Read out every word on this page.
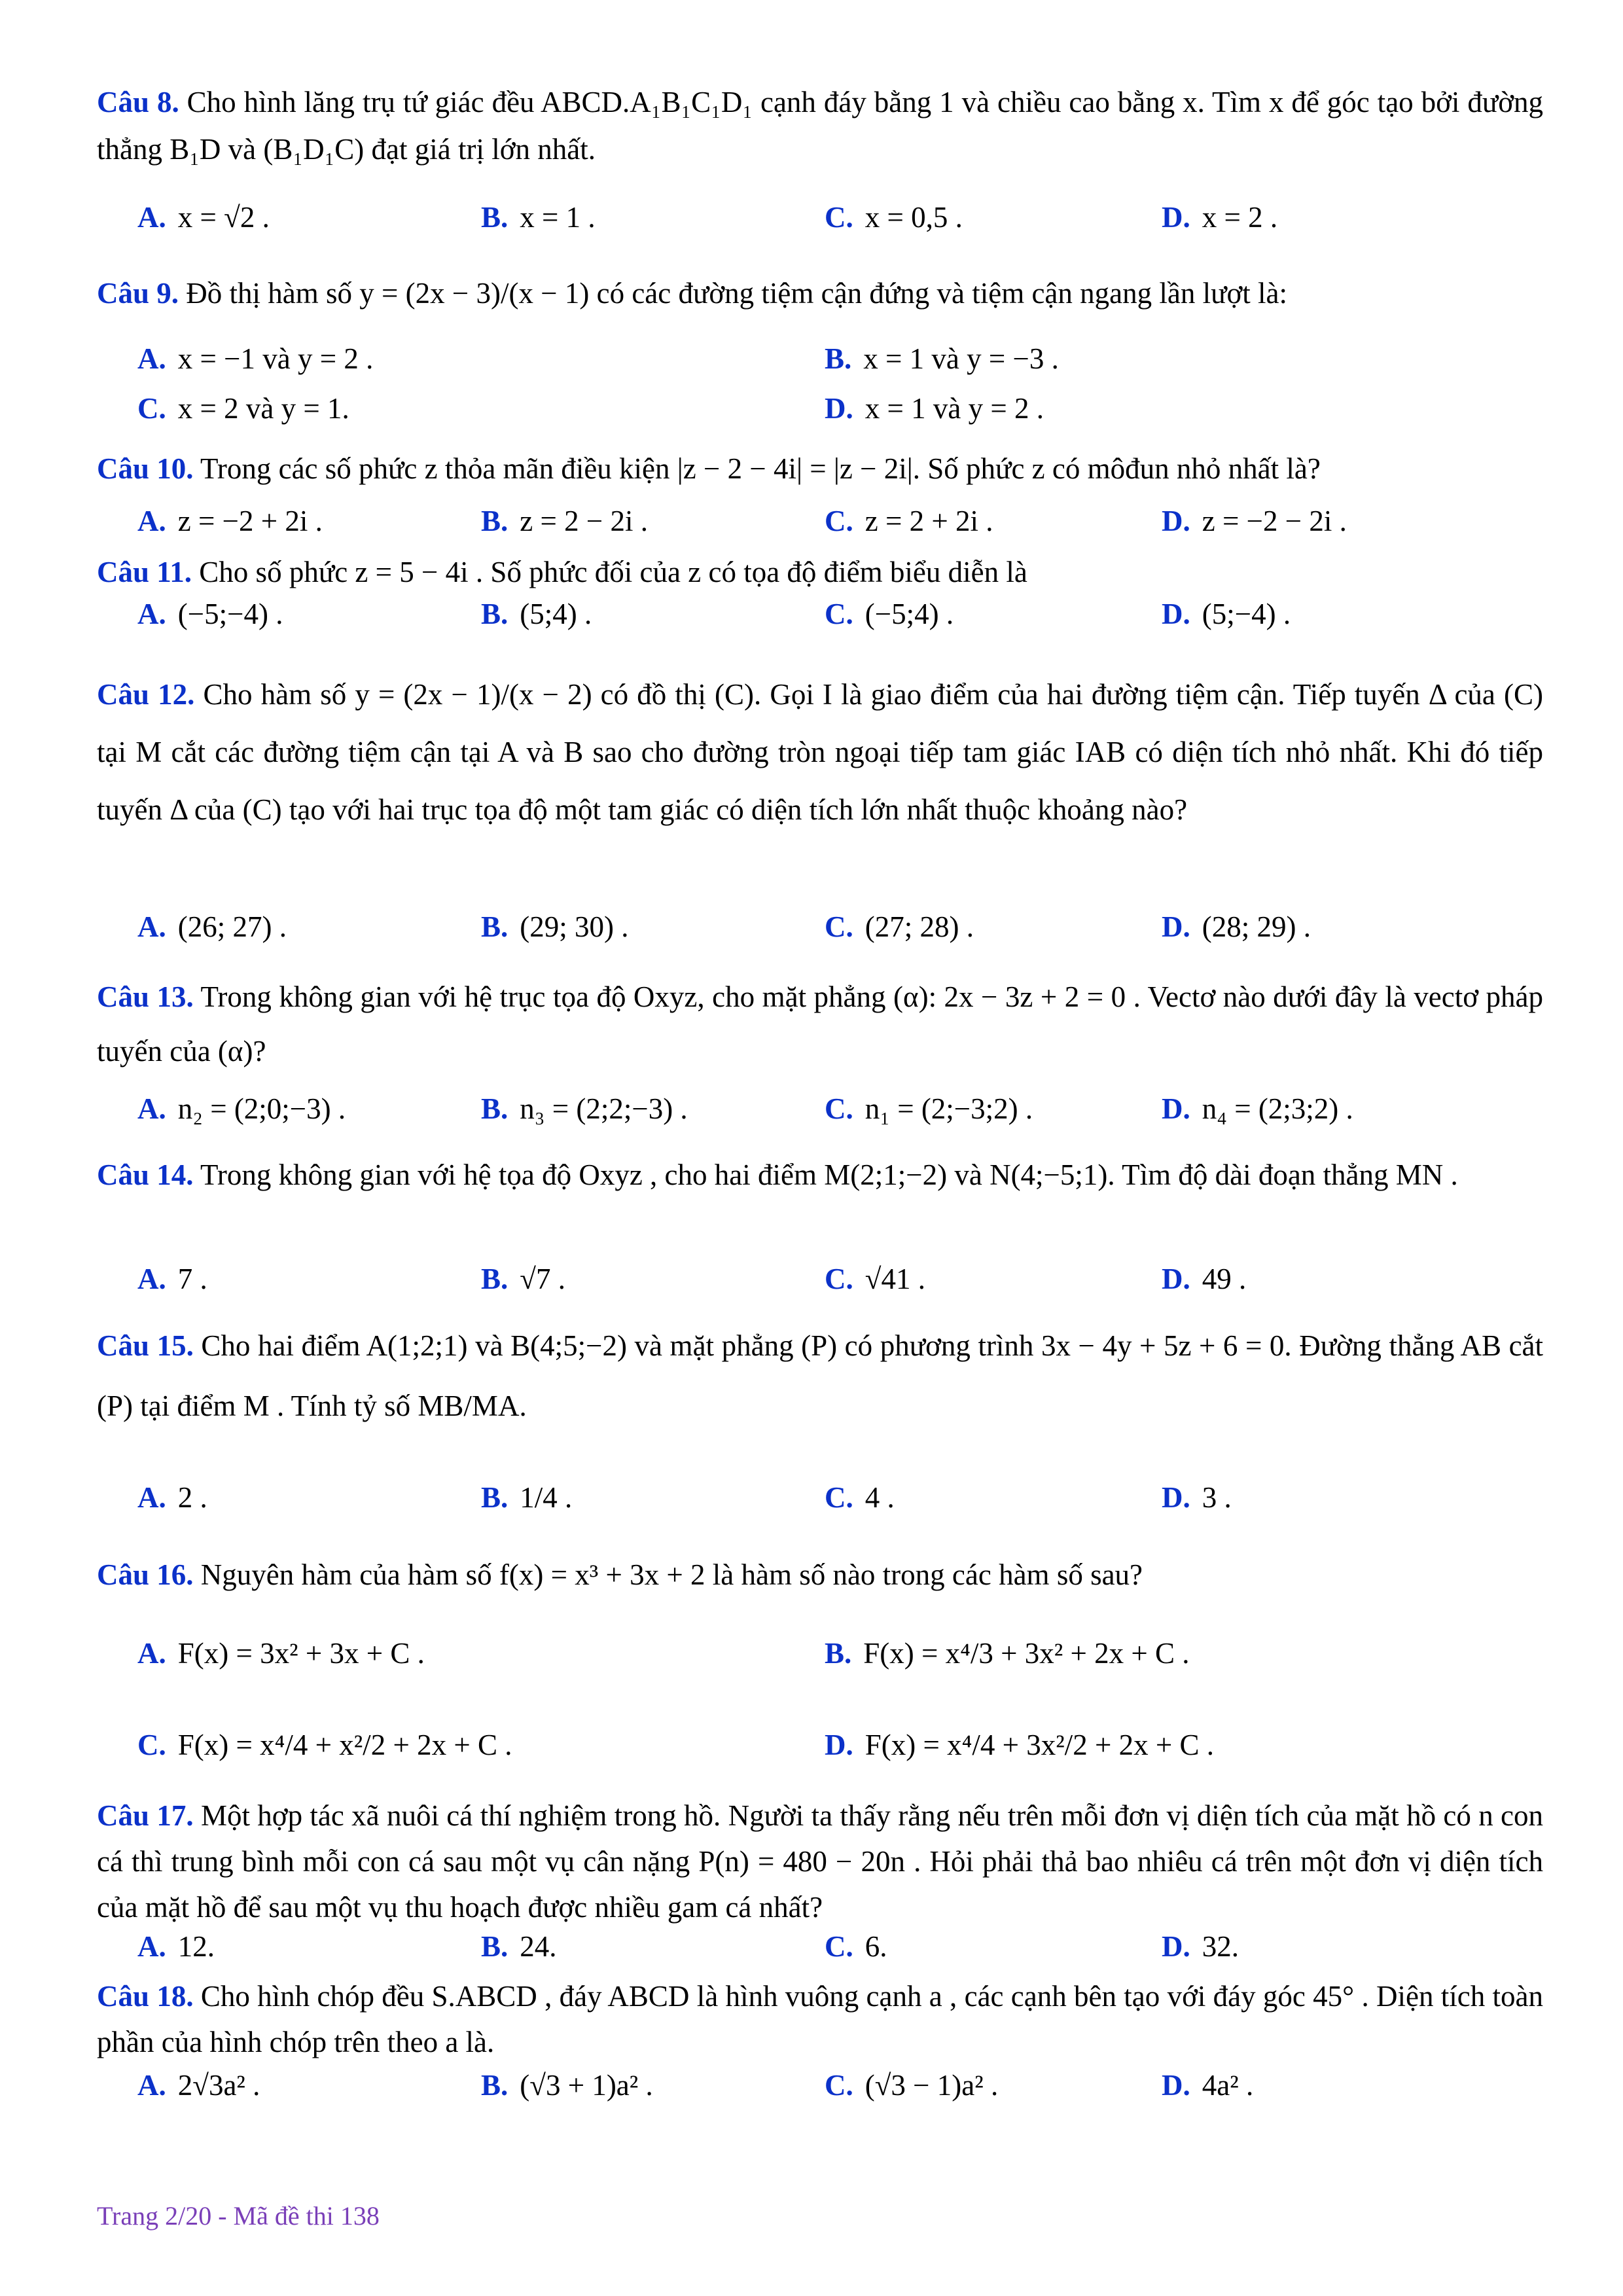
Câu 8. Cho hình lăng trụ tứ giác đều ABCD.A₁B₁C₁D₁ cạnh đáy bằng 1 và chiều cao bằng x. Tìm x để góc tạo bởi đường thẳng B₁D và (B₁D₁C) đạt giá trị lớn nhất.
A. x = √2 .	B. x = 1 .	C. x = 0,5 .	D. x = 2 .
Câu 9. Đồ thị hàm số y = (2x − 3)/(x − 1) có các đường tiệm cận đứng và tiệm cận ngang lần lượt là:
A. x = −1 và y = 2 .	B. x = 1 và y = −3 .
C. x = 2 và y = 1.	D. x = 1 và y = 2 .
Câu 10. Trong các số phức z thỏa mãn điều kiện |z − 2 − 4i| = |z − 2i|. Số phức z có môđun nhỏ nhất là?
A. z = −2 + 2i .	B. z = 2 − 2i .	C. z = 2 + 2i .	D. z = −2 − 2i .
Câu 11. Cho số phức z = 5 − 4i . Số phức đối của z có tọa độ điểm biểu diễn là
A. (−5;−4) .	B. (5;4) .	C. (−5;4) .	D. (5;−4) .
Câu 12. Cho hàm số y = (2x − 1)/(x − 2) có đồ thị (C). Gọi I là giao điểm của hai đường tiệm cận. Tiếp tuyến Δ của (C) tại M cắt các đường tiệm cận tại A và B sao cho đường tròn ngoại tiếp tam giác IAB có diện tích nhỏ nhất. Khi đó tiếp tuyến Δ của (C) tạo với hai trục tọa độ một tam giác có diện tích lớn nhất thuộc khoảng nào?
A. (26; 27) .	B. (29; 30) .	C. (27; 28) .	D. (28; 29) .
Câu 13. Trong không gian với hệ trục tọa độ Oxyz, cho mặt phẳng (α): 2x − 3z + 2 = 0 . Vectơ nào dưới đây là vectơ pháp tuyến của (α)?
A. n₂ = (2;0;−3) .	B. n₃ = (2;2;−3) .	C. n₁ = (2;−3;2) .	D. n₄ = (2;3;2) .
Câu 14. Trong không gian với hệ tọa độ Oxyz , cho hai điểm M(2;1;−2) và N(4;−5;1). Tìm độ dài đoạn thẳng MN .
A. 7 .	B. √7 .	C. √41 .	D. 49 .
Câu 15. Cho hai điểm A(1;2;1) và B(4;5;−2) và mặt phẳng (P) có phương trình 3x − 4y + 5z + 6 = 0. Đường thẳng AB cắt (P) tại điểm M . Tính tỷ số MB/MA.
A. 2 .	B. 1/4 .	C. 4 .	D. 3 .
Câu 16. Nguyên hàm của hàm số f(x) = x³ + 3x + 2 là hàm số nào trong các hàm số sau?
A. F(x) = 3x² + 3x + C .	B. F(x) = x⁴/3 + 3x² + 2x + C .
C. F(x) = x⁴/4 + x²/2 + 2x + C .	D. F(x) = x⁴/4 + 3x²/2 + 2x + C .
Câu 17. Một hợp tác xã nuôi cá thí nghiệm trong hồ. Người ta thấy rằng nếu trên mỗi đơn vị diện tích của mặt hồ có n con cá thì trung bình mỗi con cá sau một vụ cân nặng P(n) = 480 − 20n . Hỏi phải thả bao nhiêu cá trên một đơn vị diện tích của mặt hồ để sau một vụ thu hoạch được nhiều gam cá nhất?
A. 12.	B. 24.	C. 6.	D. 32.
Câu 18. Cho hình chóp đều S.ABCD , đáy ABCD là hình vuông cạnh a , các cạnh bên tạo với đáy góc 45° . Diện tích toàn phần của hình chóp trên theo a là.
A. 2√3a² .	B. (√3 + 1)a² .	C. (√3 − 1)a² .	D. 4a² .
Trang 2/20 - Mã đề thi 138
